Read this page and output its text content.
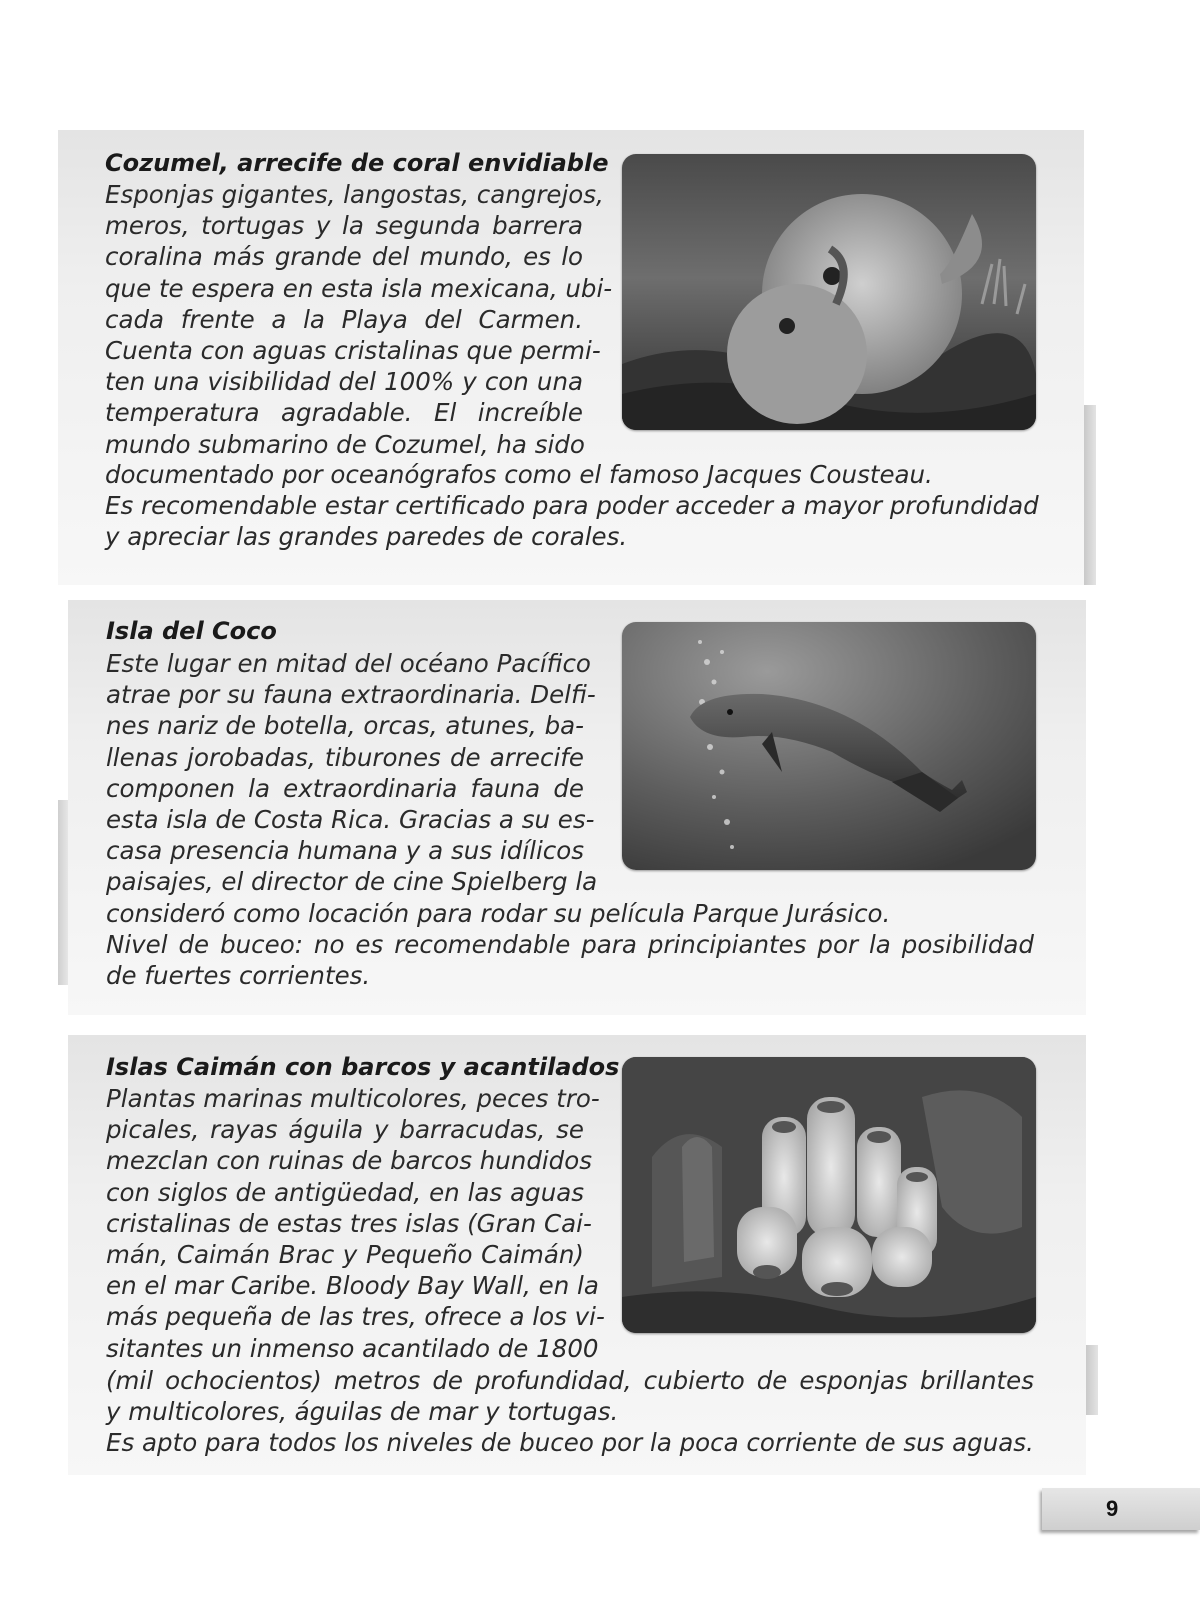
Cozumel, arrecife de coral envidiable
Esponjas gigantes, langostas, cangrejos,
meros, tortugas y la segunda barrera
coralina más grande del mundo, es lo
que te espera en esta isla mexicana, ubi-
cada frente a la Playa del Carmen.
Cuenta con aguas cristalinas que permi-
ten una visibilidad del 100% y con una
temperatura agradable. El increíble
mundo submarino de Cozumel, ha sido
documentado por oceanógrafos como el famoso Jacques Cousteau.
Es recomendable estar certificado para poder acceder a mayor profundidad
y apreciar las grandes paredes de corales.
Isla del Coco
Este lugar en mitad del océano Pacífico
atrae por su fauna extraordinaria. Delfi-
nes nariz de botella, orcas, atunes, ba-
llenas jorobadas, tiburones de arrecife
componen la extraordinaria fauna de
esta isla de Costa Rica. Gracias a su es-
casa presencia humana y a sus idílicos
paisajes, el director de cine Spielberg la
consideró como locación para rodar su película Parque Jurásico.
Nivel de buceo: no es recomendable para principiantes por la posibilidad
de fuertes corrientes.
Islas Caimán con barcos y acantilados
Plantas marinas multicolores, peces tro-
picales, rayas águila y barracudas, se
mezclan con ruinas de barcos hundidos
con siglos de antigüedad, en las aguas
cristalinas de estas tres islas (Gran Cai-
mán, Caimán Brac y Pequeño Caimán)
en el mar Caribe. Bloody Bay Wall, en la
más pequeña de las tres, ofrece a los vi-
sitantes un inmenso acantilado de 1800
(mil ochocientos) metros de profundidad, cubierto de esponjas brillantes
y multicolores, águilas de mar y tortugas.
Es apto para todos los niveles de buceo por la poca corriente de sus aguas.
9
